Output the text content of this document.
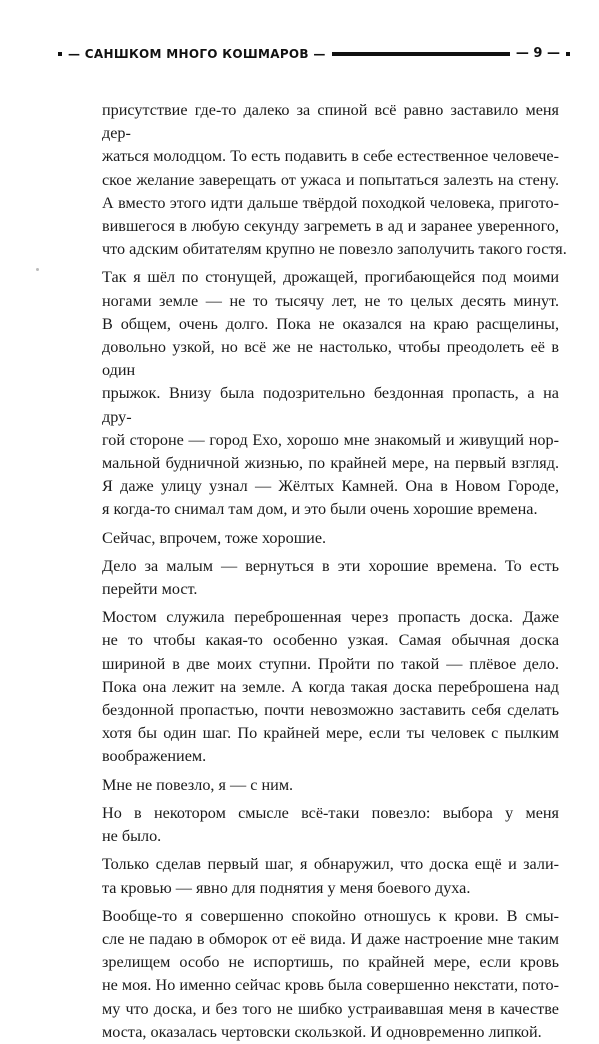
— САНШКОМ МНОГО КОШМАРОВ —	— 9 —
присутствие где-то далеко за спиной всё равно заставило меня дер-
жаться молодцом. То есть подавить в себе естественное человече-
ское желание заверещать от ужаса и попытаться залезть на стену.
А вместо этого идти дальше твёрдой походкой человека, пригото-
вившегося в любую секунду загреметь в ад и заранее уверенного,
что адским обитателям крупно не повезло заполучить такого гостя.
Так я шёл по стонущей, дрожащей, прогибающейся под моими
ногами земле — не то тысячу лет, не то целых десять минут.
В общем, очень долго. Пока не оказался на краю расщелины,
довольно узкой, но всё же не настолько, чтобы преодолеть её в один
прыжок. Внизу была подозрительно бездонная пропасть, а на дру-
гой стороне — город Ехо, хорошо мне знакомый и живущий нор-
мальной будничной жизнью, по крайней мере, на первый взгляд.
Я даже улицу узнал — Жёлтых Камней. Она в Новом Городе,
я когда-то снимал там дом, и это были очень хорошие времена.
Сейчас, впрочем, тоже хорошие.
Дело за малым — вернуться в эти хорошие времена. То есть
перейти мост.
Мостом служила переброшенная через пропасть доска. Даже
не то чтобы какая-то особенно узкая. Самая обычная доска
шириной в две моих ступни. Пройти по такой — плёвое дело.
Пока она лежит на земле. А когда такая доска переброшена над
бездонной пропастью, почти невозможно заставить себя сделать
хотя бы один шаг. По крайней мере, если ты человек с пылким
воображением.
Мне не повезло, я — с ним.
Но в некотором смысле всё-таки повезло: выбора у меня
не было.
Только сделав первый шаг, я обнаружил, что доска ещё и зали-
та кровью — явно для поднятия у меня боевого духа.
Вообще-то я совершенно спокойно отношусь к крови. В смы-
сле не падаю в обморок от её вида. И даже настроение мне таким
зрелищем особо не испортишь, по крайней мере, если кровь
не моя. Но именно сейчас кровь была совершенно некстати, пото-
му что доска, и без того не шибко устраивавшая меня в качестве
моста, оказалась чертовски скользкой. И одновременно липкой.
